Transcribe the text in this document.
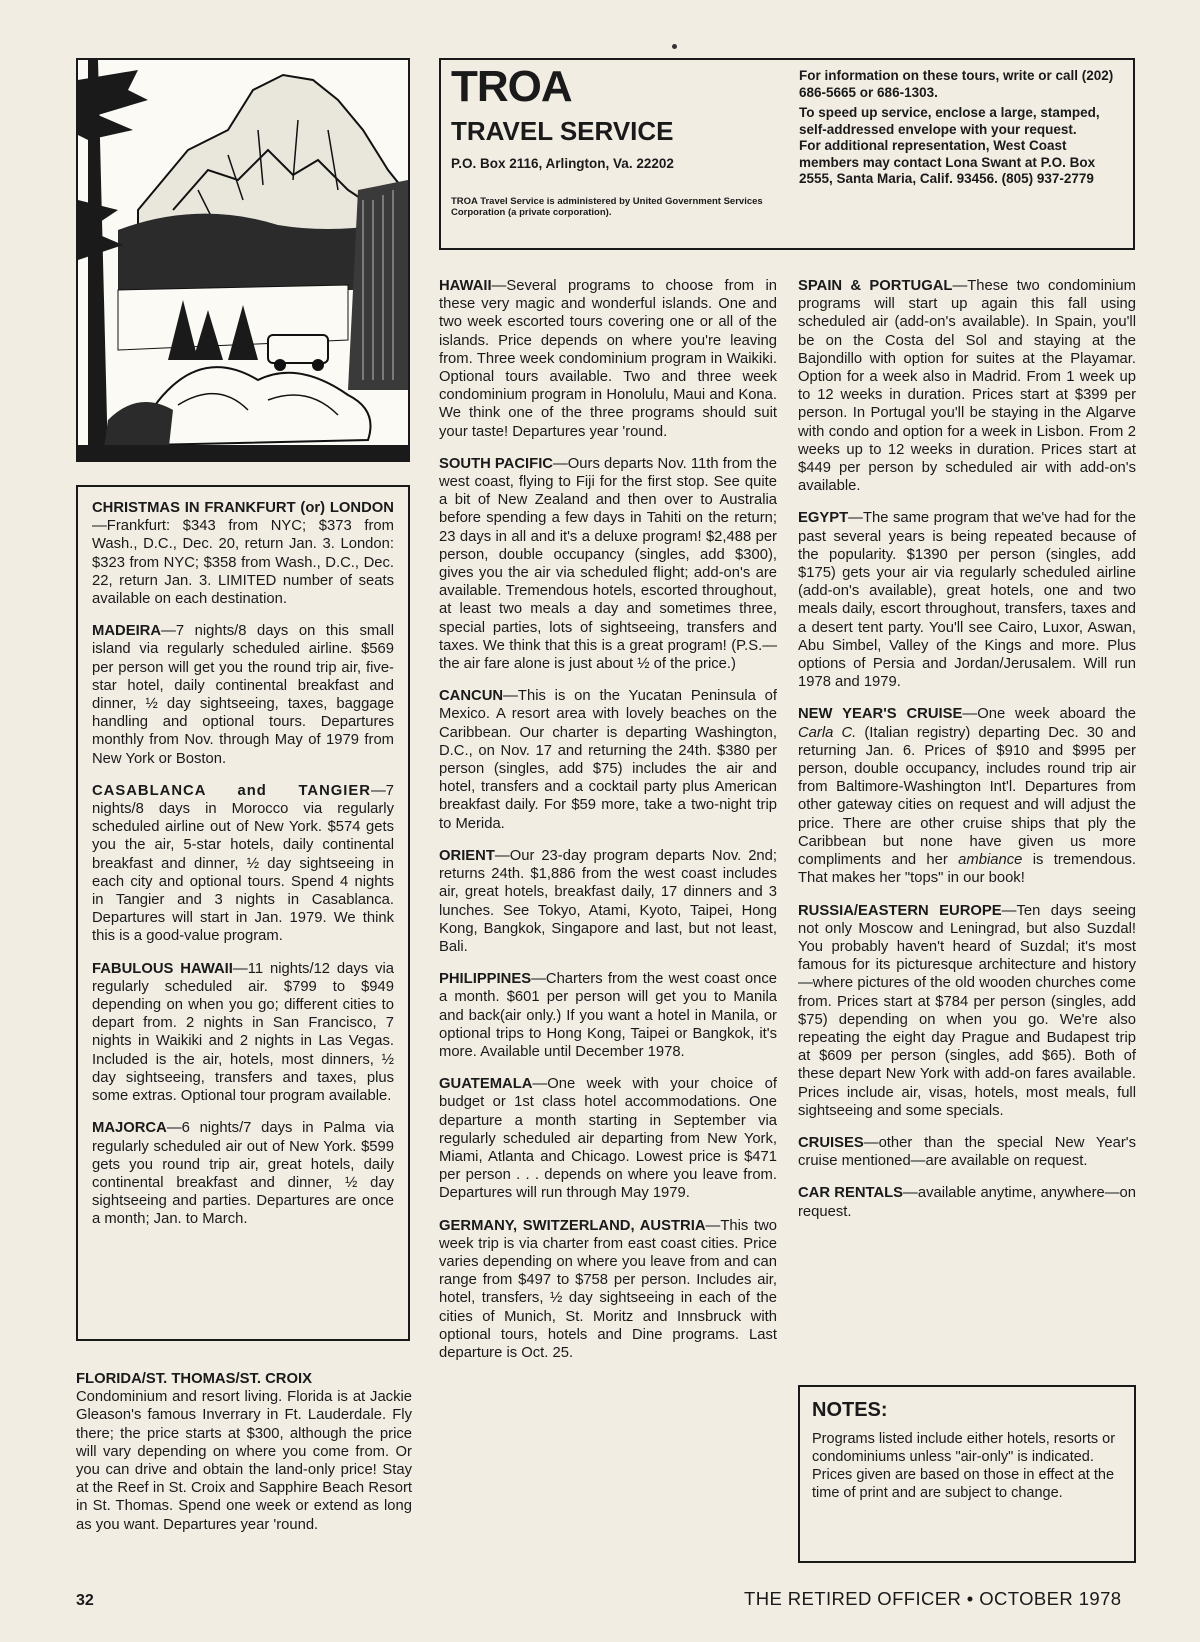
TROA
TRAVEL SERVICE
P.O. Box 2116, Arlington, Va. 22202
TROA Travel Service is administered by United Government Services Corporation (a private corporation).

For information on these tours, write or call (202) 686-5665 or 686-1303.

To speed up service, enclose a large, stamped, self-addressed envelope with your request.

For additional representation, West Coast members may contact Lona Swant at P.O. Box 2555, Santa Maria, Calif. 93456. (805) 937-2779

CHRISTMAS IN FRANKFURT (or) LONDON—Frankfurt: $343 from NYC; $373 from Wash., D.C., Dec. 20, return Jan. 3. London: $323 from NYC; $358 from Wash., D.C., Dec. 22, return Jan. 3. LIMITED number of seats available on each destination.

MADEIRA—7 nights/8 days on this small island via regularly scheduled airline. $569 per person will get you the round trip air, five-star hotel, daily continental breakfast and dinner, ½ day sightseeing, taxes, baggage handling and optional tours. Departures monthly from Nov. through May of 1979 from New York or Boston.

CASABLANCA and TANGIER—7 nights/8 days in Morocco via regularly scheduled airline out of New York. $574 gets you the air, 5-star hotels, daily continental breakfast and dinner, ½ day sightseeing in each city and optional tours. Spend 4 nights in Tangier and 3 nights in Casablanca. Departures will start in Jan. 1979. We think this is a good-value program.

FABULOUS HAWAII—11 nights/12 days via regularly scheduled air. $799 to $949 depending on when you go; different cities to depart from. 2 nights in San Francisco, 7 nights in Waikiki and 2 nights in Las Vegas. Included is the air, hotels, most dinners, ½ day sightseeing, transfers and taxes, plus some extras. Optional tour program available.

MAJORCA—6 nights/7 days in Palma via regularly scheduled air out of New York. $599 gets you round trip air, great hotels, daily continental breakfast and dinner, ½ day sightseeing and parties. Departures are once a month; Jan. to March.

FLORIDA/ST. THOMAS/ST. CROIX
Condominium and resort living. Florida is at Jackie Gleason's famous Inverrary in Ft. Lauderdale. Fly there; the price starts at $300, although the price will vary depending on where you come from. Or you can drive and obtain the land-only price! Stay at the Reef in St. Croix and Sapphire Beach Resort in St. Thomas. Spend one week or extend as long as you want. Departures year 'round.

HAWAII—Several programs to choose from in these very magic and wonderful islands. One and two week escorted tours covering one or all of the islands. Price depends on where you're leaving from. Three week condominium program in Waikiki. Optional tours available. Two and three week condominium program in Honolulu, Maui and Kona. We think one of the three programs should suit your taste! Departures year 'round.

SOUTH PACIFIC—Ours departs Nov. 11th from the west coast, flying to Fiji for the first stop. See quite a bit of New Zealand and then over to Australia before spending a few days in Tahiti on the return; 23 days in all and it's a deluxe program! $2,488 per person, double occupancy (singles, add $300), gives you the air via scheduled flight; add-on's are available. Tremendous hotels, escorted throughout, at least two meals a day and sometimes three, special parties, lots of sightseeing, transfers and taxes. We think that this is a great program! (P.S.—the air fare alone is just about ½ of the price.)

CANCUN—This is on the Yucatan Peninsula of Mexico. A resort area with lovely beaches on the Caribbean. Our charter is departing Washington, D.C., on Nov. 17 and returning the 24th. $380 per person (singles, add $75) includes the air and hotel, transfers and a cocktail party plus American breakfast daily. For $59 more, take a two-night trip to Merida.

ORIENT—Our 23-day program departs Nov. 2nd; returns 24th. $1,886 from the west coast includes air, great hotels, breakfast daily, 17 dinners and 3 lunches. See Tokyo, Atami, Kyoto, Taipei, Hong Kong, Bangkok, Singapore and last, but not least, Bali.

PHILIPPINES—Charters from the west coast once a month. $601 per person will get you to Manila and back(air only.) If you want a hotel in Manila, or optional trips to Hong Kong, Taipei or Bangkok, it's more. Available until December 1978.

GUATEMALA—One week with your choice of budget or 1st class hotel accommodations. One departure a month starting in September via regularly scheduled air departing from New York, Miami, Atlanta and Chicago. Lowest price is $471 per person . . . depends on where you leave from. Departures will run through May 1979.

GERMANY, SWITZERLAND, AUSTRIA—This two week trip is via charter from east coast cities. Price varies depending on where you leave from and can range from $497 to $758 per person. Includes air, hotel, transfers, ½ day sightseeing in each of the cities of Munich, St. Moritz and Innsbruck with optional tours, hotels and Dine programs. Last departure is Oct. 25.

SPAIN & PORTUGAL—These two condominium programs will start up again this fall using scheduled air (add-on's available). In Spain, you'll be on the Costa del Sol and staying at the Bajondillo with option for suites at the Playamar. Option for a week also in Madrid. From 1 week up to 12 weeks in duration. Prices start at $399 per person. In Portugal you'll be staying in the Algarve with condo and option for a week in Lisbon. From 2 weeks up to 12 weeks in duration. Prices start at $449 per person by scheduled air with add-on's available.

EGYPT—The same program that we've had for the past several years is being repeated because of the popularity. $1390 per person (singles, add $175) gets your air via regularly scheduled airline (add-on's available), great hotels, one and two meals daily, escort throughout, transfers, taxes and a desert tent party. You'll see Cairo, Luxor, Aswan, Abu Simbel, Valley of the Kings and more. Plus options of Persia and Jordan/Jerusalem. Will run 1978 and 1979.

NEW YEAR'S CRUISE—One week aboard the Carla C. (Italian registry) departing Dec. 30 and returning Jan. 6. Prices of $910 and $995 per person, double occupancy, includes round trip air from Baltimore-Washington Int'l. Departures from other gateway cities on request and will adjust the price. There are other cruise ships that ply the Caribbean but none have given us more compliments and her ambiance is tremendous. That makes her "tops" in our book!

RUSSIA/EASTERN EUROPE—Ten days seeing not only Moscow and Leningrad, but also Suzdal! You probably haven't heard of Suzdal; it's most famous for its picturesque architecture and history—where pictures of the old wooden churches come from. Prices start at $784 per person (singles, add $75) depending on when you go. We're also repeating the eight day Prague and Budapest trip at $609 per person (singles, add $65). Both of these depart New York with add-on fares available. Prices include air, visas, hotels, most meals, full sightseeing and some specials.

CRUISES—other than the special New Year's cruise mentioned—are available on request.

CAR RENTALS—available anytime, anywhere—on request.

NOTES:

Programs listed include either hotels, resorts or condominiums unless "air-only" is indicated.

Prices given are based on those in effect at the time of print and are subject to change.

32	THE RETIRED OFFICER • OCTOBER 1978
